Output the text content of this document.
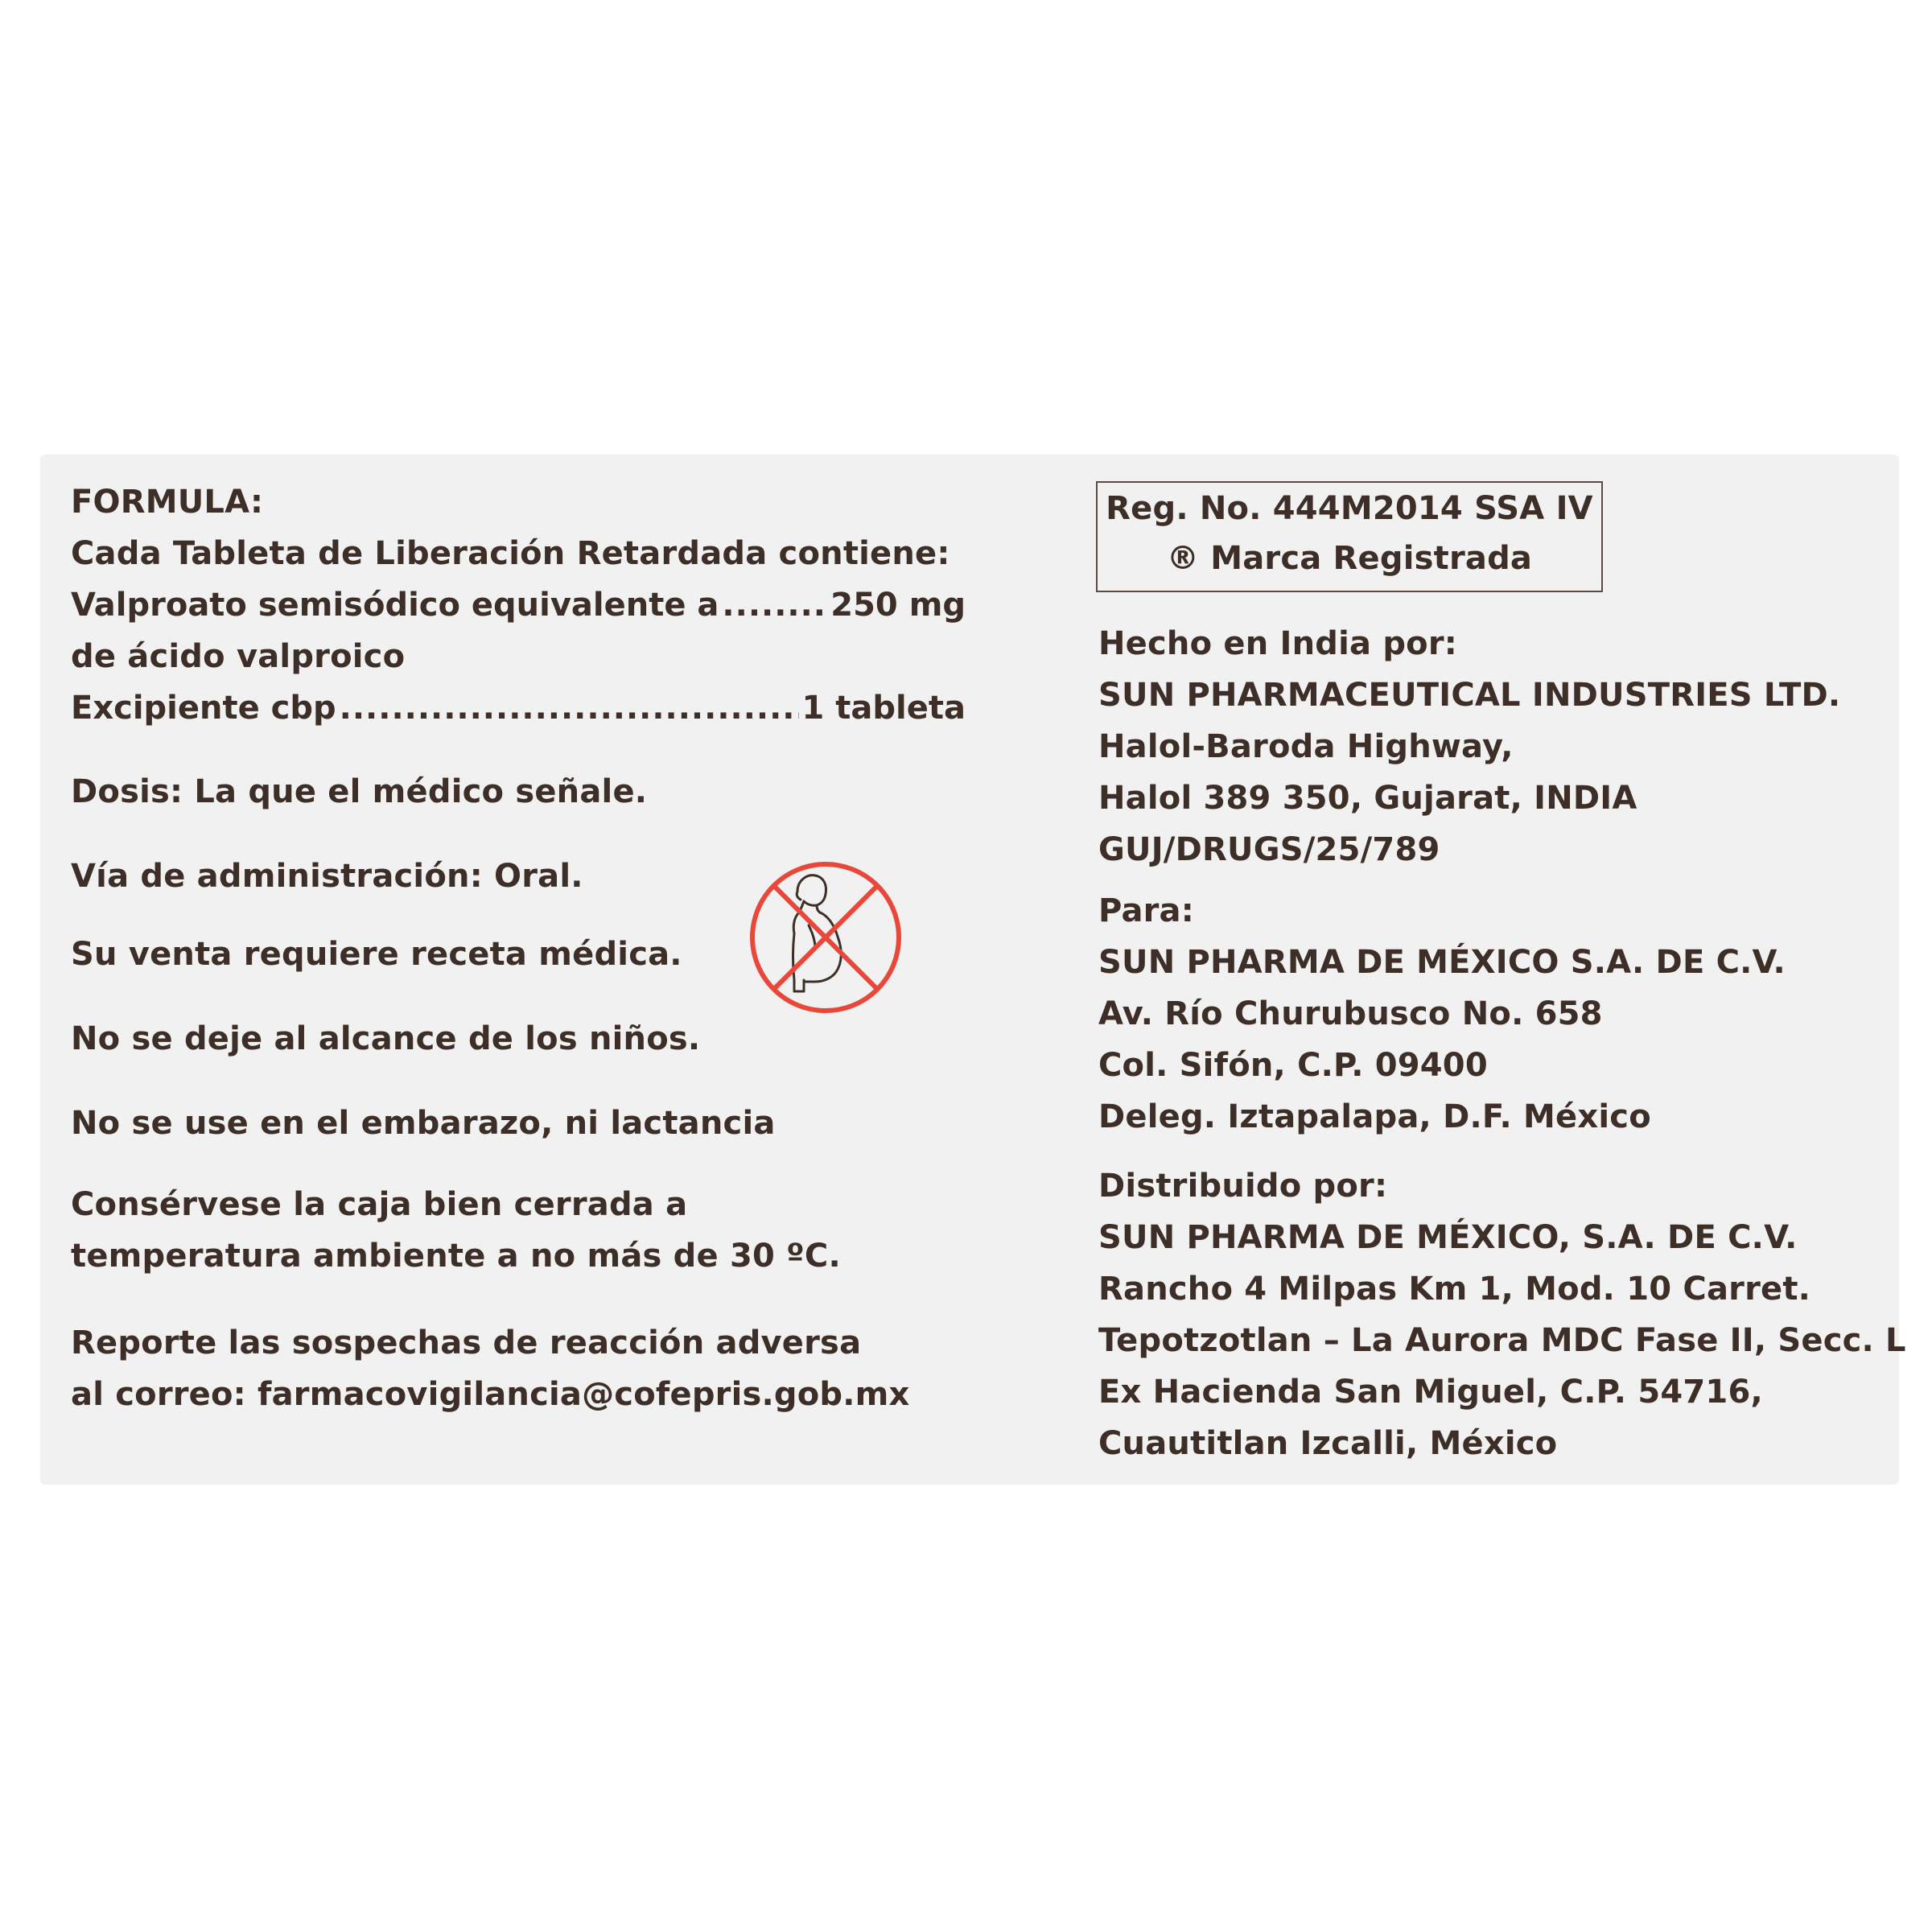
FORMULA:
Cada Tableta de Liberación Retardada contiene:
Valproato semisódico equivalente a .....	250 mg
de ácido valproico
Excipiente cbp .....	1 tableta
Dosis: La que el médico señale.
Vía de administración: Oral.
Su venta requiere receta médica.
No se deje al alcance de los niños.
No se use en el embarazo, ni lactancia
Consérvese la caja bien cerrada a
temperatura ambiente a no más de 30 ºC.
Reporte las sospechas de reacción adversa
al correo: farmacovigilancia@cofepris.gob.mx
Reg. No. 444M2014 SSA IV
® Marca Registrada
Hecho en India por:
SUN PHARMACEUTICAL INDUSTRIES LTD.
Halol-Baroda Highway,
Halol 389 350, Gujarat, INDIA
GUJ/DRUGS/25/789
Para:
SUN PHARMA DE MÉXICO S.A. DE C.V.
Av. Río Churubusco No. 658
Col. Sifón, C.P. 09400
Deleg. Iztapalapa, D.F. México
Distribuido por:
SUN PHARMA DE MÉXICO, S.A. DE C.V.
Rancho 4 Milpas Km 1, Mod. 10 Carret.
Tepotzotlan – La Aurora MDC Fase II, Secc. L
Ex Hacienda San Miguel, C.P. 54716,
Cuautitlan Izcalli, México
